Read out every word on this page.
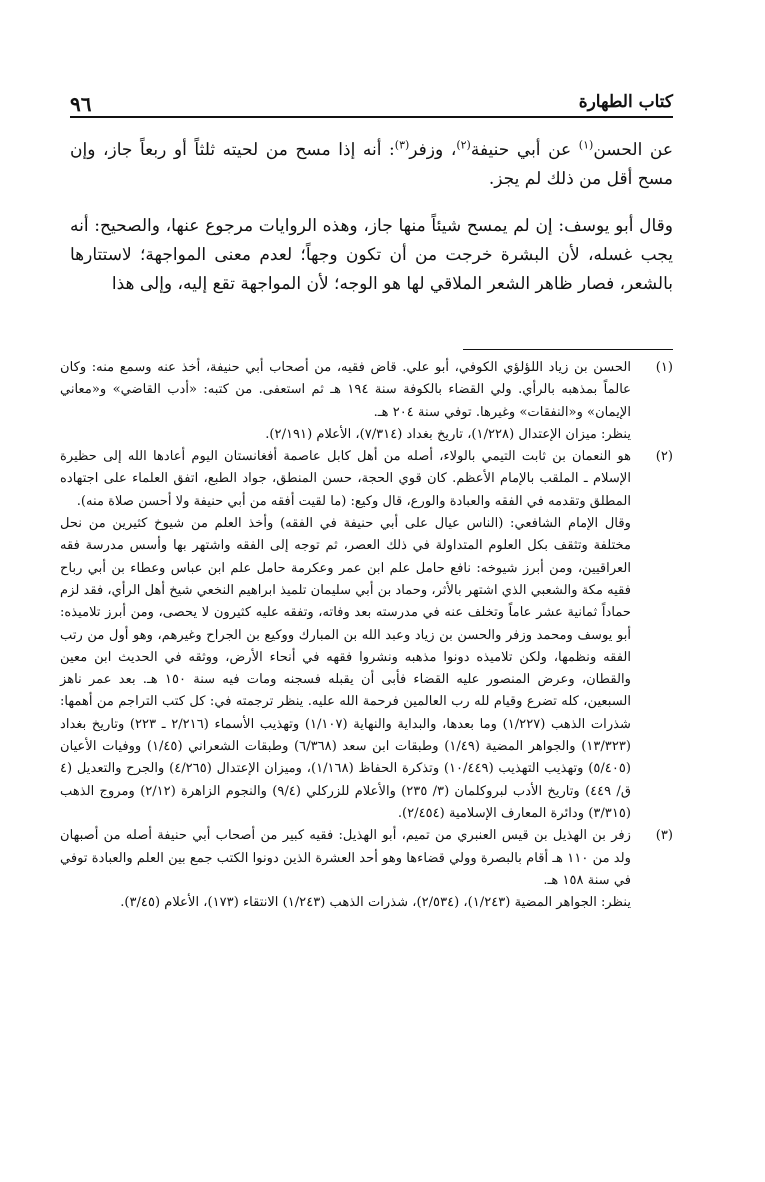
٩٦	كتاب الطهارة

عن الحسن$^{(١)}$ عن أبي حنيفة$^{(٢)}$، وزفر$^{(٣)}$: أنه إذا مسح من لحيته ثلثاً أو ربعاً جاز، وإن مسح أقل من ذلك لم يجز.

وقال أبو يوسف: إن لم يمسح شيئاً منها جاز، وهذه الروايات مرجوع عنها، والصحيح: أنه يجب غسله، لأن البشرة خرجت من أن تكون وجهاً؛ لعدم معنى المواجهة؛ لاستتارها بالشعر، فصار ظاهر الشعر الملاقي لها هو الوجه؛ لأن المواجهة تقع إليه، وإلى هذا

(١)

الحسن بن زياد اللؤلؤي الكوفي، أبو علي. قاض فقيه، من أصحاب أبي حنيفة، أخذ عنه وسمع منه: وكان عالماً بمذهبه بالرأي. ولي القضاء بالكوفة سنة ١٩٤ هـ ثم استعفى. من كتبه: «أدب القاضي» و«معاني الإيمان» و«النفقات» وغيرها. توفي سنة ٢٠٤ هـ.

ينظر: ميزان الإعتدال (١/٢٢٨)، تاريخ بغداد (٧/٣١٤)، الأعلام (٢/١٩١).

(٢)

هو النعمان بن ثابت التيمي بالولاء، أصله من أهل كابل عاصمة أفغانستان اليوم أعادها الله إلى حظيرة الإسلام ـ الملقب بالإمام الأعظم. كان قوي الحجة، حسن المنطق، جواد الطبع، اتفق العلماء على اجتهاده المطلق وتقدمه في الفقه والعبادة والورع، قال وكيع: (ما لقيت أفقه من أبي حنيفة ولا أحسن صلاة منه).

وقال الإمام الشافعي: (الناس عيال على أبي حنيفة في الفقه) وأخذ العلم من شيوخ كثيرين من نحل مختلفة وتثقف بكل العلوم المتداولة في ذلك العصر، ثم توجه إلى الفقه واشتهر بها وأسس مدرسة فقه العراقيين، ومن أبرز شيوخه: نافع حامل علم ابن عمر وعكرمة حامل علم ابن عباس وعطاء بن أبي رباح فقيه مكة والشعبي الذي اشتهر بالأثر، وحماد بن أبي سليمان تلميذ ابراهيم النخعي شيخ أهل الرأي، فقد لزم حماداً ثمانية عشر عاماً وتخلف عنه في مدرسته بعد وفاته، وتفقه عليه كثيرون لا يحصى، ومن أبرز تلاميذه: أبو يوسف ومحمد وزفر والحسن بن زياد وعبد الله بن المبارك ووكيع بن الجراح وغيرهم، وهو أول من رتب الفقه ونظمها، ولكن تلاميذه دونوا مذهبه ونشروا فقهه في أنحاء الأرض، ووثقه في الحديث ابن معين والقطان، وعرض المنصور عليه القضاء فأبى أن يقبله فسجنه ومات فيه سنة ١٥٠ هـ. بعد عمر ناهز السبعين، كله تضرع وقيام لله رب العالمين فرحمة الله عليه. ينظر ترجمته في: كل كتب التراجم من أهمها: شذرات الذهب (١/٢٢٧) وما بعدها، والبداية والنهاية (١/١٠٧) وتهذيب الأسماء (٢/٢١٦ ـ ٢٢٣) وتاريخ بغداد (١٣/٣٢٣) والجواهر المضية (١/٤٩) وطبقات ابن سعد (٦/٣٦٨) وطبقات الشعراني (١/٤٥) ووفيات الأعيان (٥/٤٠٥) وتهذيب التهذيب (١٠/٤٤٩) وتذكرة الحفاظ (١/١٦٨)، وميزان الإعتدال (٤/٢٦٥) والجرح والتعديل (٤ ق/ ٤٤٩) وتاريخ الأدب لبروكلمان (٣/ ٢٣٥) والأعلام للزركلي (٩/٤) والنجوم الزاهرة (٢/١٢) ومروج الذهب (٣/٣١٥) ودائرة المعارف الإسلامية (٢/٤٥٤).

(٣)

زفر بن الهذيل بن قيس العنبري من تميم، أبو الهذيل: فقيه كبير من أصحاب أبي حنيفة أصله من أصبهان ولد من ١١٠ هـ أقام بالبصرة وولي قضاءها وهو أحد العشرة الذين دونوا الكتب جمع بين العلم والعبادة توفي في سنة ١٥٨ هـ.

ينظر: الجواهر المضية (١/٢٤٣)، (٢/٥٣٤)، شذرات الذهب (١/٢٤٣) الانتقاء (١٧٣)، الأعلام (٣/٤٥).
